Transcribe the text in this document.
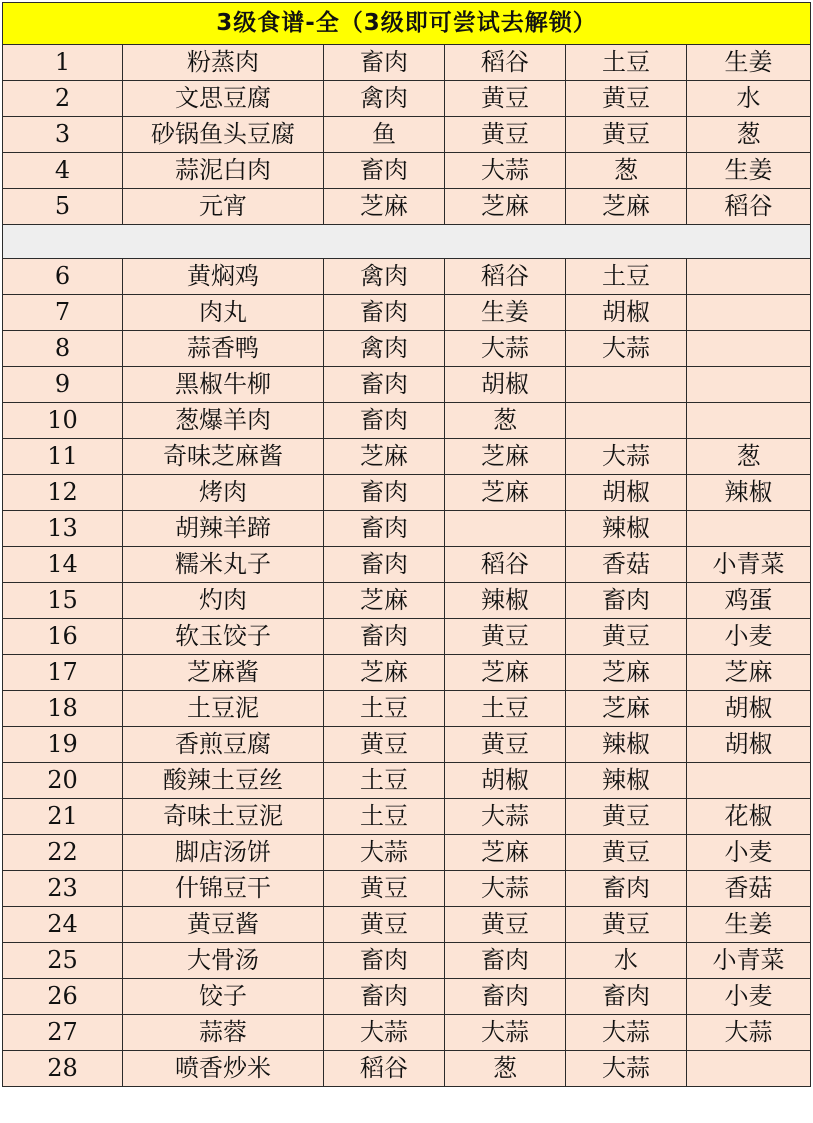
3级食谱-全（3级即可尝试去解锁）					
1	粉蒸肉	畜肉	稻谷	土豆	生姜
2	文思豆腐	禽肉	黄豆	黄豆	水
3	砂锅鱼头豆腐	鱼	黄豆	黄豆	葱
4	蒜泥白肉	畜肉	大蒜	葱	生姜
5	元宵	芝麻	芝麻	芝麻	稻谷

6	黄焖鸡	禽肉	稻谷	土豆	
7	肉丸	畜肉	生姜	胡椒	
8	蒜香鸭	禽肉	大蒜	大蒜	
9	黑椒牛柳	畜肉	胡椒		
10	葱爆羊肉	畜肉	葱		
11	奇味芝麻酱	芝麻	芝麻	大蒜	葱
12	烤肉	畜肉	芝麻	胡椒	辣椒
13	胡辣羊蹄	畜肉		辣椒	
14	糯米丸子	畜肉	稻谷	香菇	小青菜
15	灼肉	芝麻	辣椒	畜肉	鸡蛋
16	软玉饺子	畜肉	黄豆	黄豆	小麦
17	芝麻酱	芝麻	芝麻	芝麻	芝麻
18	土豆泥	土豆	土豆	芝麻	胡椒
19	香煎豆腐	黄豆	黄豆	辣椒	胡椒
20	酸辣土豆丝	土豆	胡椒	辣椒	
21	奇味土豆泥	土豆	大蒜	黄豆	花椒
22	脚店汤饼	大蒜	芝麻	黄豆	小麦
23	什锦豆干	黄豆	大蒜	畜肉	香菇
24	黄豆酱	黄豆	黄豆	黄豆	生姜
25	大骨汤	畜肉	畜肉	水	小青菜
26	饺子	畜肉	畜肉	畜肉	小麦
27	蒜蓉	大蒜	大蒜	大蒜	大蒜
28	喷香炒米	稻谷	葱	大蒜	
